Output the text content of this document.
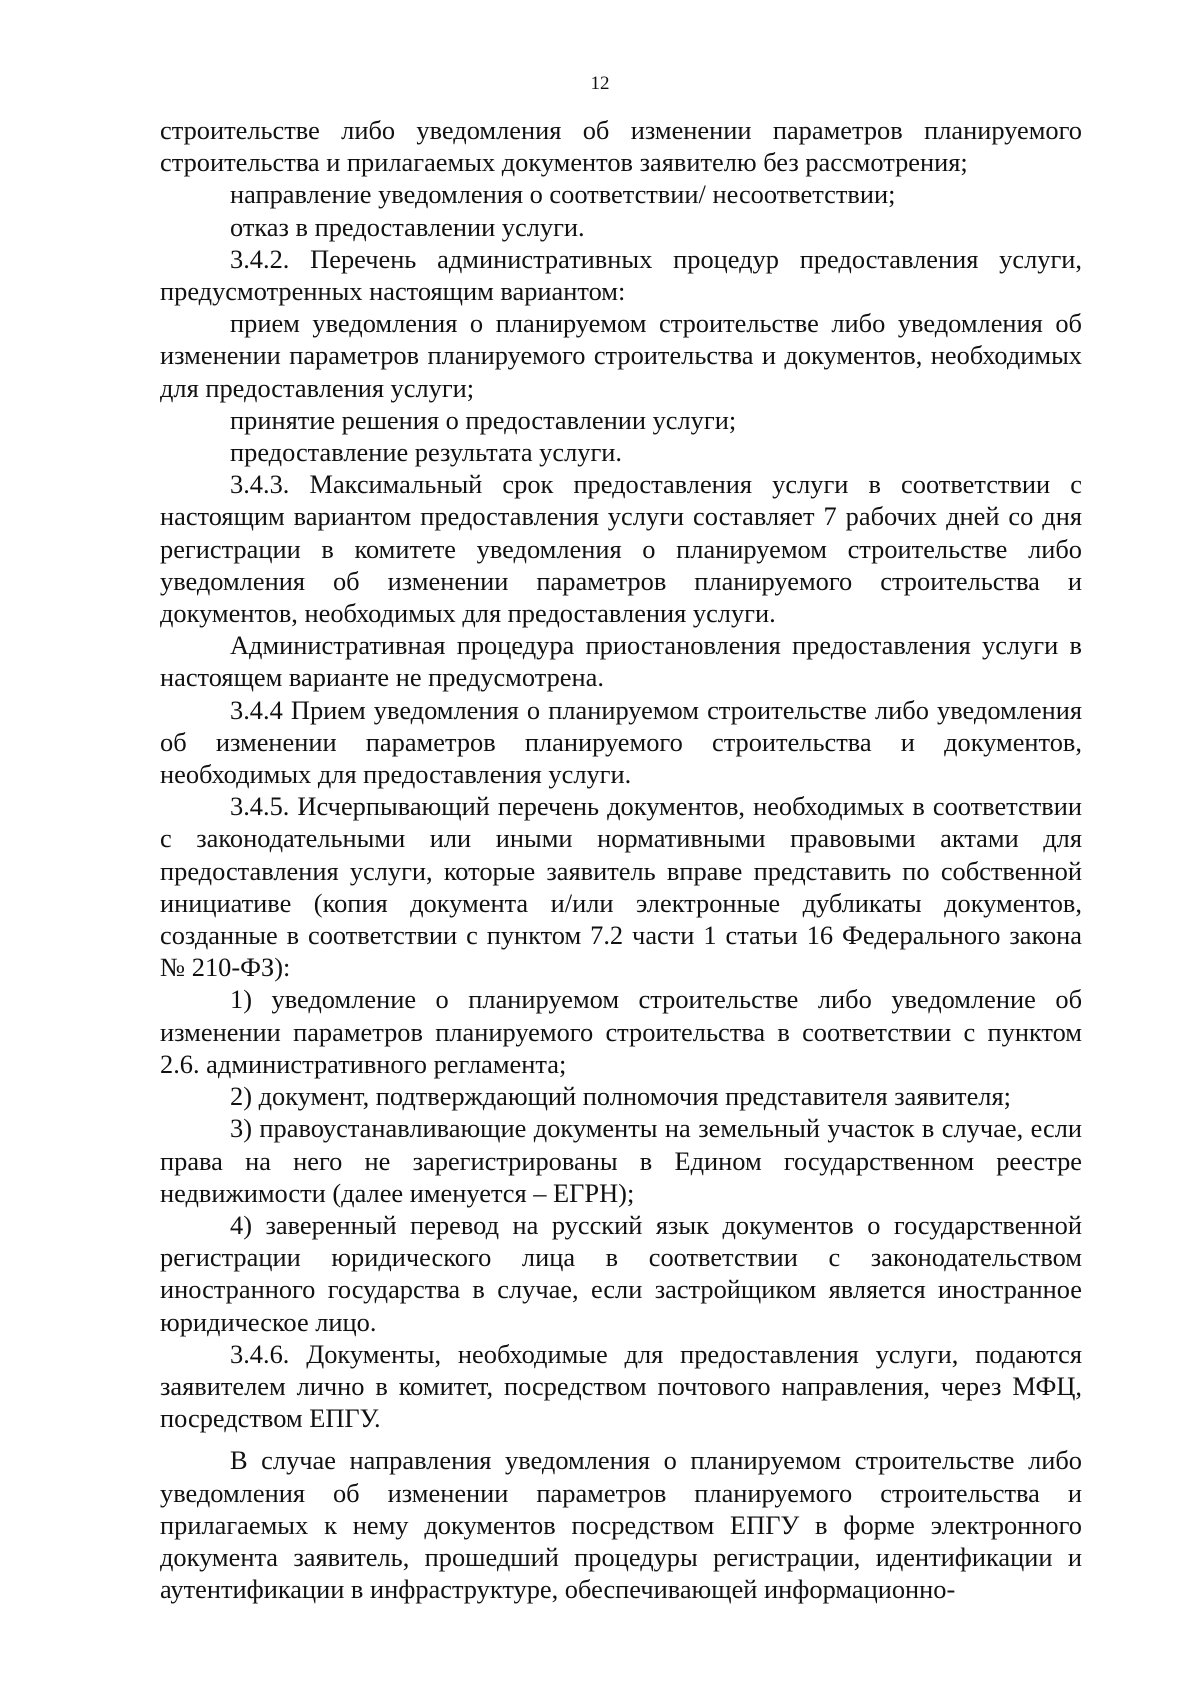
12

строительстве либо уведомления об изменении параметров планируемого строительства и прилагаемых документов заявителю без рассмотрения;

направление уведомления о соответствии/ несоответствии;

отказ в предоставлении услуги.

3.4.2. Перечень административных процедур предоставления услуги, предусмотренных настоящим вариантом:

прием уведомления о планируемом строительстве либо уведомления об изменении параметров планируемого строительства и документов, необходимых для предоставления услуги;

принятие решения о предоставлении услуги;

предоставление результата услуги.

3.4.3. Максимальный срок предоставления услуги в соответствии с настоящим вариантом предоставления услуги составляет 7 рабочих дней со дня регистрации в комитете уведомления о планируемом строительстве либо уведомления об изменении параметров планируемого строительства и документов, необходимых для предоставления услуги.

Административная процедура приостановления предоставления услуги в настоящем варианте не предусмотрена.

3.4.4 Прием уведомления о планируемом строительстве либо уведомления об изменении параметров планируемого строительства и документов, необходимых для предоставления услуги.

3.4.5. Исчерпывающий перечень документов, необходимых в соответствии с законодательными или иными нормативными правовыми актами для предоставления услуги, которые заявитель вправе представить по собственной инициативе (копия документа и/или электронные дубликаты документов, созданные в соответствии с пунктом 7.2 части 1 статьи 16 Федерального закона № 210-ФЗ):

1) уведомление о планируемом строительстве либо уведомление об изменении параметров планируемого строительства в соответствии с пунктом 2.6. административного регламента;

2) документ, подтверждающий полномочия представителя заявителя;

3) правоустанавливающие документы на земельный участок в случае, если права на него не зарегистрированы в Едином государственном реестре недвижимости (далее именуется – ЕГРН);

4) заверенный перевод на русский язык документов о государственной регистрации юридического лица в соответствии с законодательством иностранного государства в случае, если застройщиком является иностранное юридическое лицо.

3.4.6. Документы, необходимые для предоставления услуги, подаются заявителем лично в комитет, посредством почтового направления, через МФЦ, посредством ЕПГУ.

В случае направления уведомления о планируемом строительстве либо уведомления об изменении параметров планируемого строительства и прилагаемых к нему документов посредством ЕПГУ в форме электронного документа заявитель, прошедший процедуры регистрации, идентификации и аутентификации в инфраструктуре, обеспечивающей информационно-
